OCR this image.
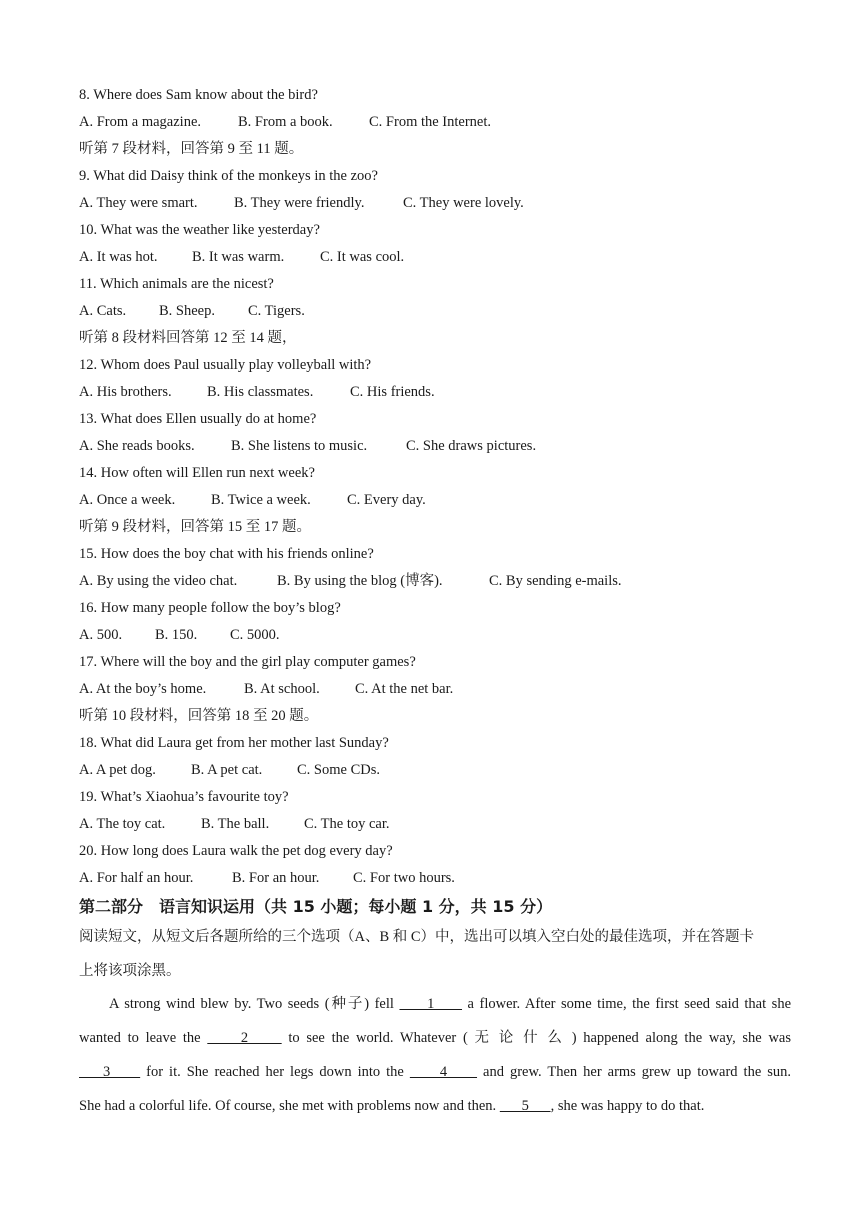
8. Where does Sam know about the bird?
A. From a magazine.	B. From a book.	C. From the Internet.
听第 7 段材料，回答第 9 至 11 题。
9. What did Daisy think of the monkeys in the zoo?
A. They were smart.	B. They were friendly.	C. They were lovely.
10. What was the weather like yesterday?
A. It was hot. B. It was warm. C. It was cool.
11. Which animals are the nicest?
A. Cats. B. Sheep. C. Tigers.
听第 8 段材料回答第 12 至 14 题，
12. Whom does Paul usually play volleyball with?
A. His brothers. B. His classmates.	C. His friends.
13. What does Ellen usually do at home?
A. She reads books.	B. She listens to music.	C. She draws pictures.
14. How often will Ellen run next week?
A. Once a week. B. Twice a week. C. Every day.
听第 9 段材料，回答第 15 至 17 题。
15. How does the boy chat with his friends online?
A. By using the video chat.	B. By using the blog (博客).	C. By sending e-mails.
16. How many people follow the boy’s blog?
A. 500. B. 150. C. 5000.
17. Where will the boy and the girl play computer games?
A. At the boy’s home.	B. At school. C. At the net bar.
听第 10 段材料，回答第 18 至 20 题。
18. What did Laura get from her mother last Sunday?
A. A pet dog. B. A pet cat. C. Some CDs.
19. What’s Xiaohua’s favourite toy?
A. The toy cat. B. The ball. C. The toy car.
20. How long does Laura walk the pet dog every day?
A. For half an hour.	B. For an hour. C. For two hours.
第二部分　语言知识运用（共 15 小题；每小题 1 分，共 15 分）
阅读短文，从短文后各题所给的三个选项（A、B 和 C）中，选出可以填入空白处的最佳选项，并在答题卡
上将该项涂黑。
A strong wind blew by. Two seeds (种子) fell      1      a flower. After some time, the first seed said that she
wanted to leave the      2      to see the world. Whatever ( 无 论 什 么 ) happened along the way, she was
3      for it. She reached her legs down into the      4      and grew. Then her arms grew up toward the sun.
She had a colorful life. Of course, she met with problems now and then.       5      , she was happy to do that.
